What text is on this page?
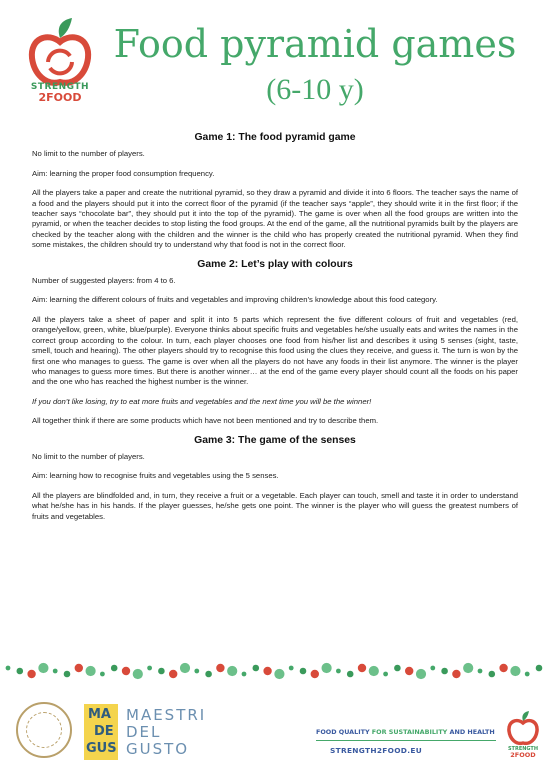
STRENGTH
2FOOD
Food pyramid games
(6-10 y)
Game 1: The food pyramid game

No limit to the number of players.

Aim: learning the proper food consumption frequency.

All the players take a paper and create the nutritional pyramid, so they draw a pyramid and divide it into 6 floors. The teacher says the name of a food and the players should put it into the correct floor of the pyramid (if the teacher says “apple”, they should write it in the first floor; if the teacher says “chocolate bar”, they should put it into the top of the pyramid). The game is over when all the food groups are written into the pyramid, or when the teacher decides to stop listing the food groups. At the end of the game, all the nutritional pyramids built by the players are checked by the teacher along with the children and the winner is the child who has properly created the nutritional pyramid. When they find some mistakes, the children should try to understand why that food is not in the correct floor.

Game 2: Let’s play with colours

Number of suggested players: from 4 to 6.

Aim: learning the different colours of fruits and vegetables and improving children’s knowledge about this food category.

All the players take a sheet of paper and split it into 5 parts which represent the five different colours of fruit and vegetables (red, orange/yellow, green, white, blue/purple). Everyone thinks about specific fruits and vegetables he/she usually eats and writes the names in the correct group according to the colour. In turn, each player chooses one food from his/her list and describes it using 5 senses (sight, taste, smell, touch and hearing). The other players should try to recognise this food using the clues they receive, and guess it. The turn is won by the first one who manages to guess. The game is over when all the players do not have any foods in their list anymore. The winner is the player who manages to guess more times. But there is another winner… at the end of the game every player should count all the foods on his paper and the one who has reached the highest number is the winner.

If you don’t like losing, try to eat more fruits and vegetables and the next time you will be the winner!

All together think if there are some products which have not been mentioned and try to describe them.

Game 3: The game of the senses

No limit to the number of players.

Aim: learning how to recognise fruits and vegetables using the 5 senses.

All the players are blindfolded and, in turn, they receive a fruit or a vegetable. Each player can touch, smell and taste it in order to understand what he/she has in his hands. If the player guesses, he/she gets one point. The winner is the player who will guess the greatest numbers of fruits and vegetables.

MA
DE
GUS
MAESTRI
DEL
GUSTO
FOOD QUALITY FOR SUSTAINABILITY AND HEALTH
STRENGTH2FOOD.EU	STRENGTH
2FOOD
